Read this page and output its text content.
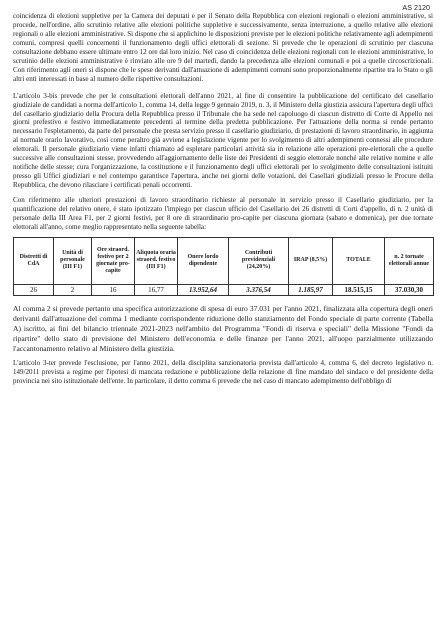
AS 2120

coincidenza di elezioni suppletive per la Camera dei deputati e per il Senato della Repubblica con elezioni regionali o elezioni amministrative, si procede, nell'ordine, allo scrutinio relative alle elezioni politiche suppletive e successivamente, senza interruzione, a quello relative alle elezioni regionali o alle elezioni amministrative. Si dispone che si applichino le disposizioni previste per le elezioni politiche relativamente agli adempimenti comuni, compresi quelli concernenti il funzionamento degli uffici elettorali di sezione. Si prevede che le operazioni di scrutinio per ciascuna consultazione debbano essere ultimate entro 12 ore dal loro inizio. Nel caso di coincidenza delle elezioni regionali con le elezioni amministrative, lo scrutinio delle elezioni amministrative è rinviato alle ore 9 del martedì, dando la precedenza alle elezioni comunali e poi a quelle circoscrizionali. Con riferimento agli oneri si dispone che le spese derivanti dall'attuazione di adempimenti comuni sono proporzionalmente ripartite tra lo Stato o gli altri enti interessati in base al numero delle rispettive consultazioni.

L'articolo 3-bis prevede che per le consultazioni elettorali dell'anno 2021, al fine di consentire la pubblicazione del certificato del casellario giudiziale de candidati a norma dell'articolo 1, comma 14, della legge 9 gennaio 2019, n. 3, il Ministero della giustizia assicura l'apertura degli uffici del casellario giudiziario della Procura della Repubblica presso il Tribunale che ha sede nel capoluogo di ciascun distretto di Corte di Appello nei giorni prefestivo e festivo immediatamente precedenti al termine della predetta pubblicazione. Per l'attuazione della norma si rende pertanto necessario l'espletamento, da parte del personale che presta servizio presso il casellario giudiziario, di prestazioni di lavoro straordinario, in aggiunta al normale orario lavorativo, così come peraltro già avviene a legislazione vigente per lo svolgimento di altri adempimenti connessi alle procedure elettorali. Il personale giudiziario viene infatti chiamato ad espletare particolari attività sia in relazione alle operazioni pre-elettorali che a quelle successive alle consultazioni stesse, provvedendo all'aggiornamento delle liste dei Presidenti di seggio elettorale nonché alle relative nomine e alle notifiche delle stesse; cura l'organizzazione, la costituzione e il funzionamento degli uffici elettorali per lo svolgimento delle consultazioni istituiti presso gli Uffici giudiziari e nel contempo garantisce l'apertura, anche nei giorni delle votazioni, dei Casellari giudiziali presso le Procure della Repubblica, che devono rilasciare i certificati penali occorrenti.

Con riferimento alle ulteriori prestazioni di lavoro straordinario richieste al personale in servizio presso il Casellario giudiziario, per la quantificazione del relativo onere, è stato ipotizzato l'impiego per ciascun ufficio del Casellario dei 26 distretti di Corti d'appello, di n. 2 unità di personale della III Area F1, per 2 giorni festivi, per 8 ore di straordinario pro-capite per ciascuna giornata (sabato e domenica), per due tornate elettorali all'anno, come meglio rappresentato nella seguente tabella:

Distretti di CdA	Unità di personale (III F1)	Ore straord. festivo per 2 giornate pro-capite	Aliquota oraria straord. festivo (III F1)	Onere lordo dipendente	Contributi previdenziali (24,20%)	IRAP (8,5%)	TOTALE	n. 2 tornate elettorali annue
26	2	16	16,77	13.952,64	3.376,54	1.185,97	18.515,15	37.030,30

Al comma 2 si prevede pertanto una specifica autorizzazione di spesa di euro 37.031 per l'anno 2021, finalizzata alla copertura degli oneri derivanti dall'attuazione del comma 1 mediante corrispondente riduzione dello stanziamento del Fondo speciale di parte corrente (Tabella A) iscritto, ai fini del bilancio triennale 2021-2023 nell'ambito del Programma "Fondi di riserva e speciali" della Missione "Fondi da ripartire" dello stato di previsione del Ministero dell'economia e delle finanze per l'anno 2021, all'uopo parzialmente utilizzando l'accantonamento relativo al Ministero della giustizia.

L'articolo 3-ter prevede l'esclusione, per l'anno 2021, della disciplina sanzionatoria prevista dall'articolo 4, comma 6, del decreto legislativo n. 149/2011 prevista a regime per l'ipotesi di mancata redazione e pubblicazione della relazione di fine mandato del sindaco e del presidente della provincia nei sito istituzionale dell'ente. In particolare, il detto comma 6 prevede che nel caso di mancato adempimento dell'obbligo di
